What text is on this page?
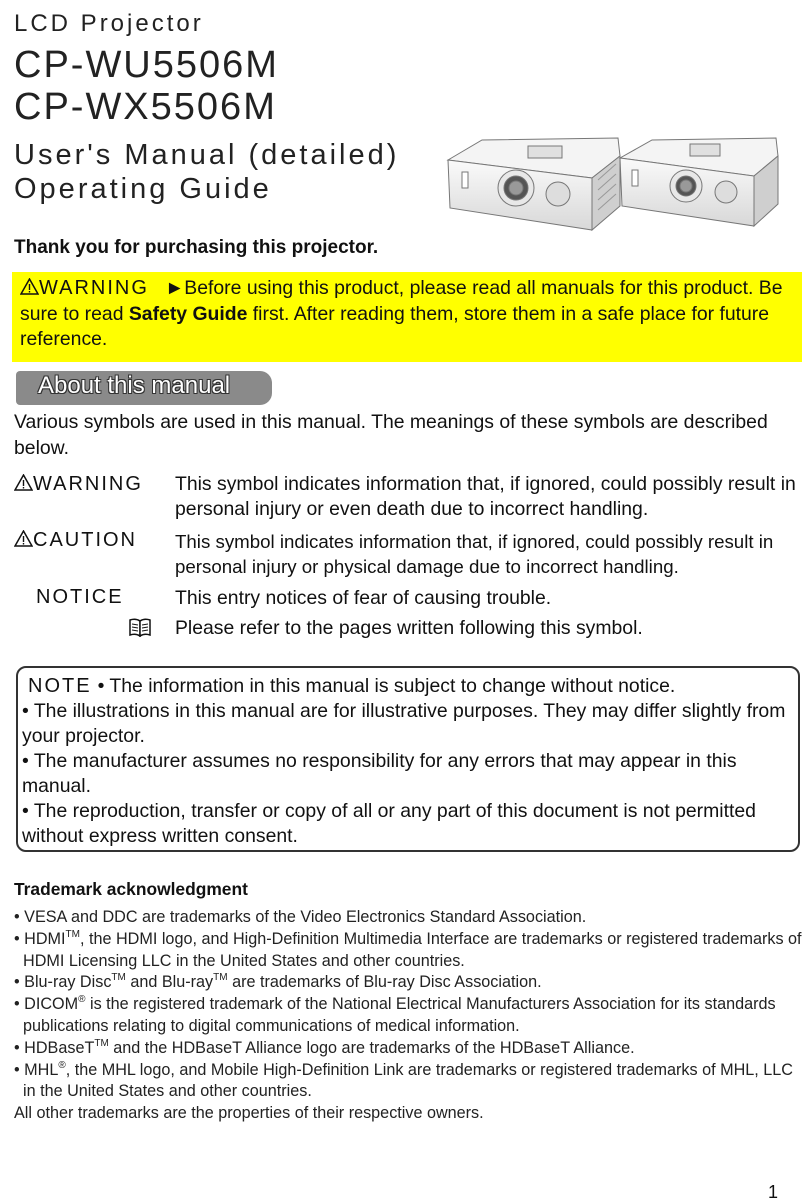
LCD Projector
CP-WU5506M
CP-WX5506M
User's Manual (detailed)
Operating Guide
Thank you for purchasing this projector.
WARNING ►Before using this product, please read all manuals for this product. Be sure to read Safety Guide first. After reading them, store them in a safe place for future reference.
About this manual
Various symbols are used in this manual. The meanings of these symbols are described below.
WARNING This symbol indicates information that, if ignored, could possibly result in personal injury or even death due to incorrect handling.
CAUTION This symbol indicates information that, if ignored, could possibly result in personal injury or physical damage due to incorrect handling.
NOTICE	This entry notices of fear of causing trouble.
Please refer to the pages written following this symbol.
NOTE • The information in this manual is subject to change without notice.
• The illustrations in this manual are for illustrative purposes. They may differ slightly from your projector.
• The manufacturer assumes no responsibility for any errors that may appear in this manual.
• The reproduction, transfer or copy of all or any part of this document is not permitted without express written consent.
Trademark acknowledgment
• VESA and DDC are trademarks of the Video Electronics Standard Association.
• HDMI™, the HDMI logo, and High-Definition Multimedia Interface are trademarks or registered trademarks of HDMI Licensing LLC in the United States and other countries.
• Blu-ray Disc™ and Blu-ray™ are trademarks of Blu-ray Disc Association.
• DICOM® is the registered trademark of the National Electrical Manufacturers Association for its standards publications relating to digital communications of medical information.
• HDBaseT™ and the HDBaseT Alliance logo are trademarks of the HDBaseT Alliance.
• MHL®, the MHL logo, and Mobile High-Definition Link are trademarks or registered trademarks of MHL, LLC in the United States and other countries.
All other trademarks are the properties of their respective owners.
1
